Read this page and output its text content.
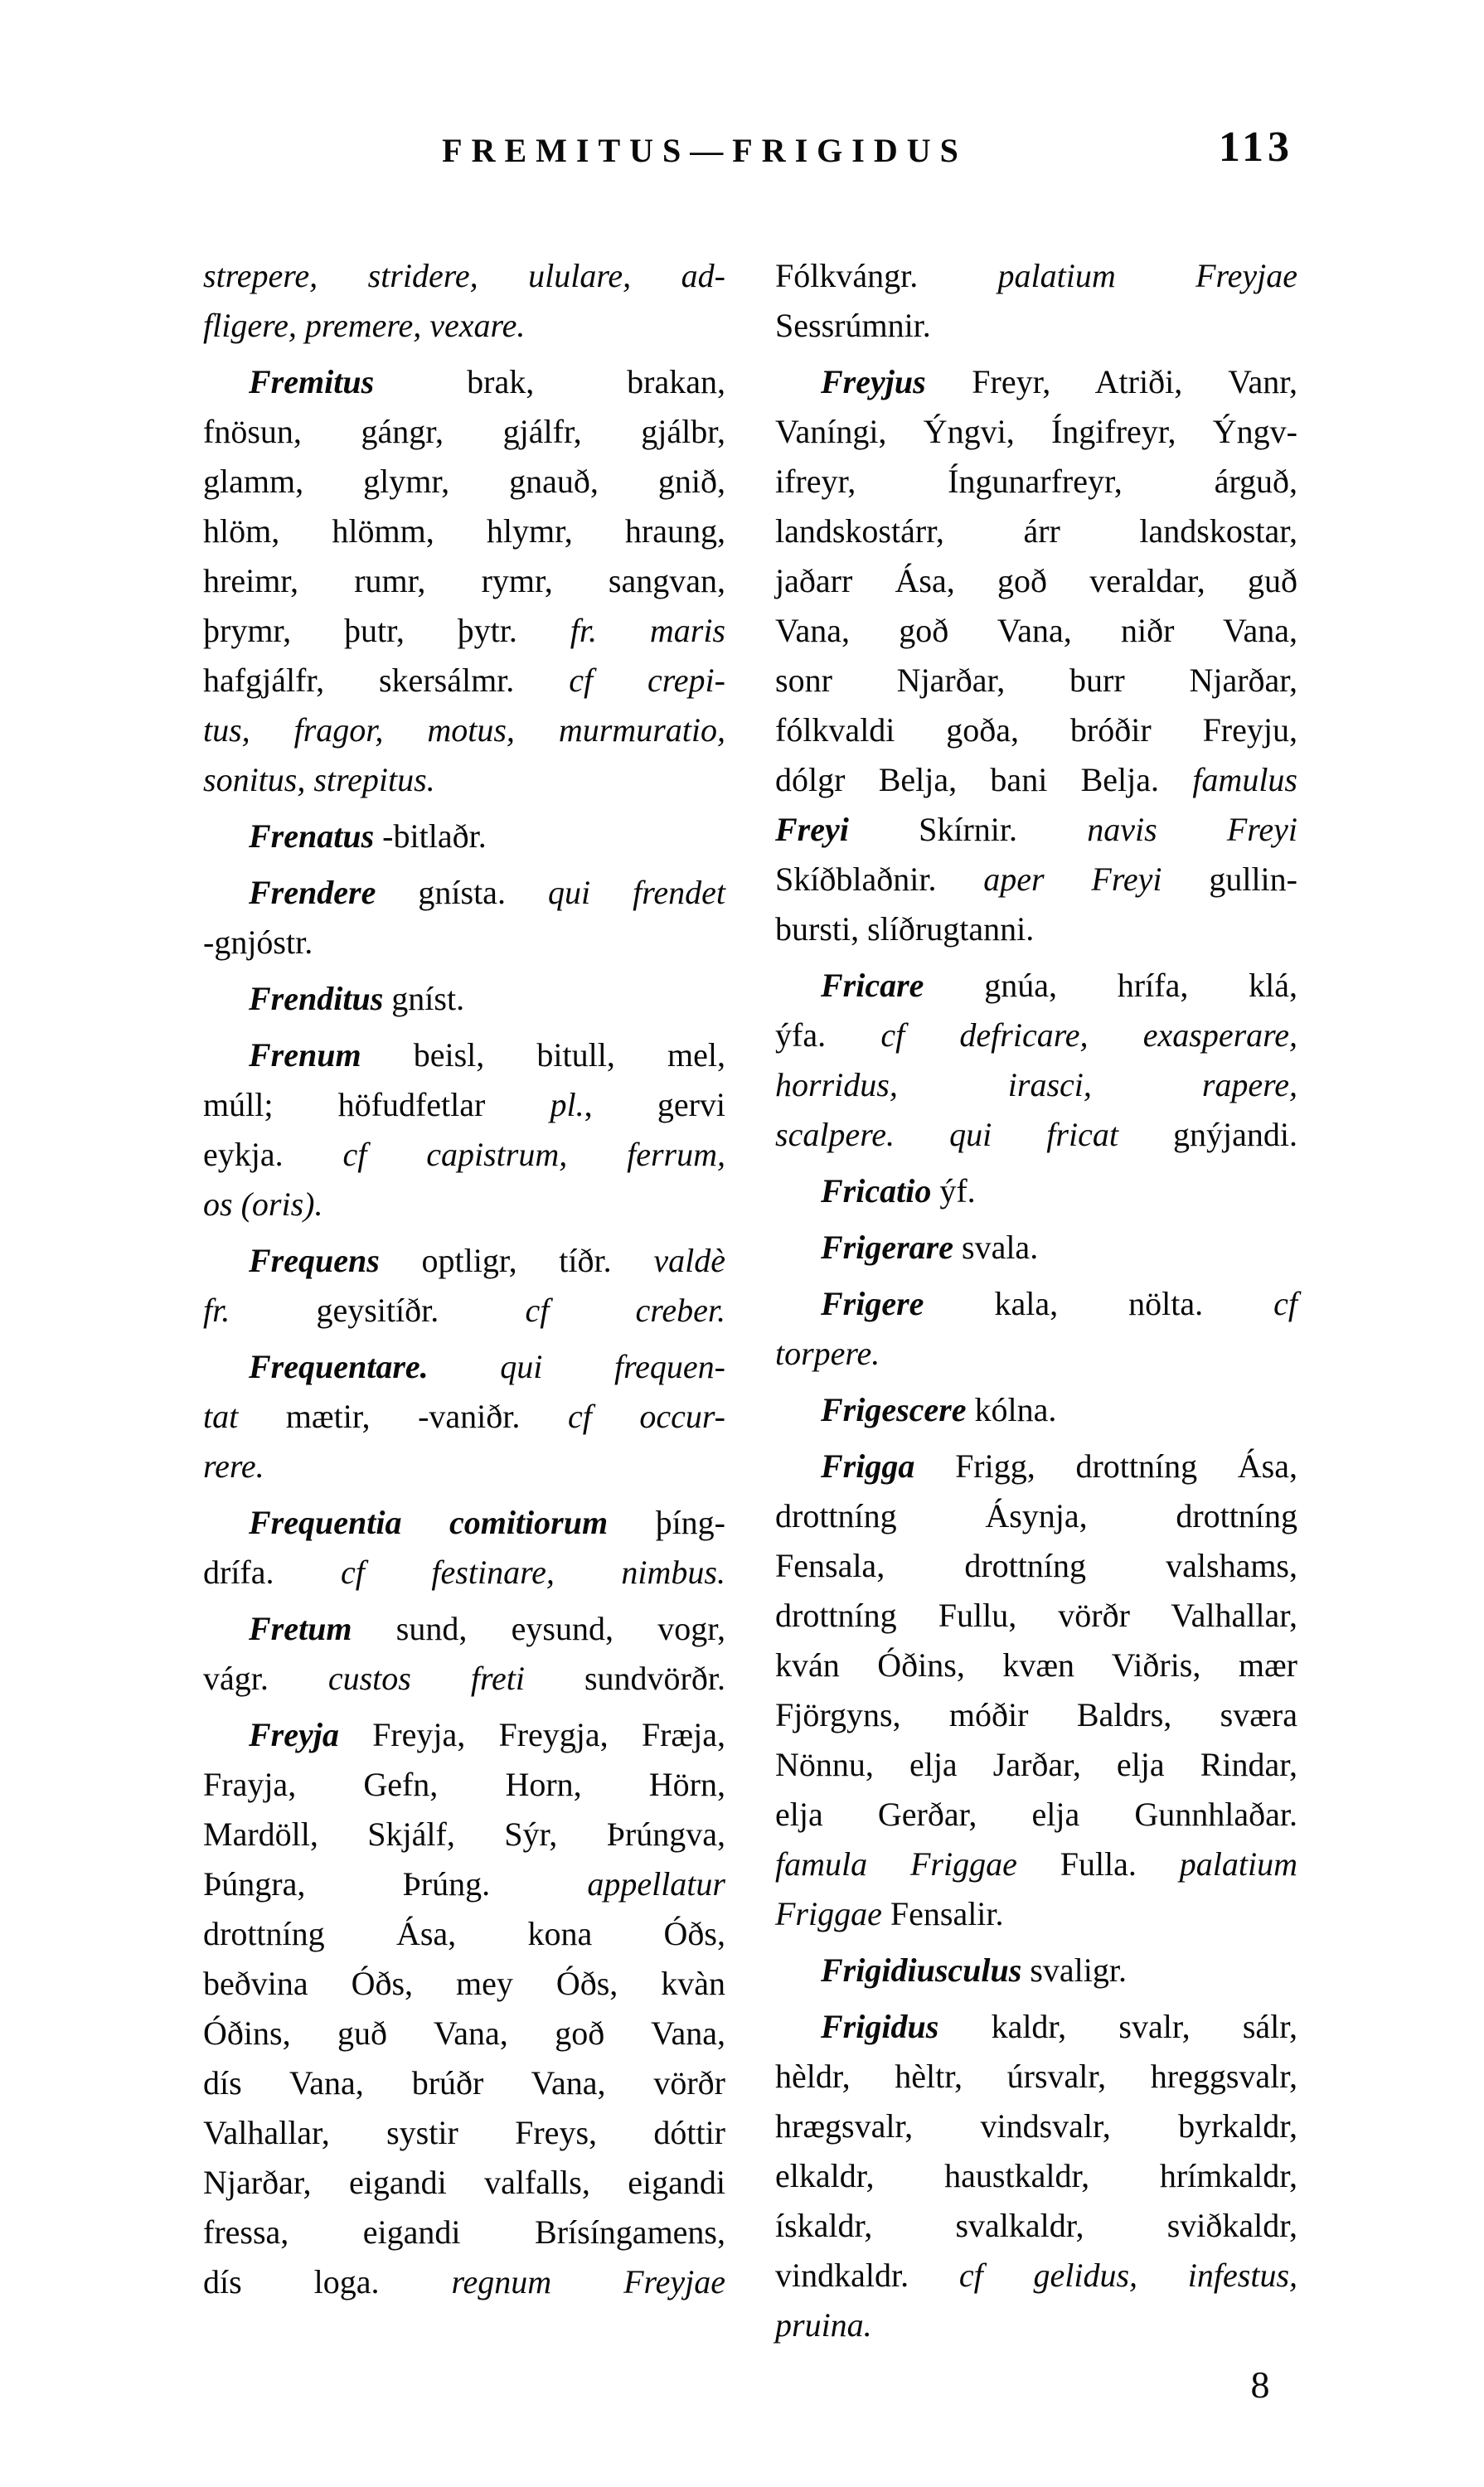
FREMITUS—FRIGIDUS	113
strepere, stridere, ululare, ad-
fligere, premere, vexare.
Fremitus brak, brakan,
fnösun, gángr, gjálfr, gjálbr,
glamm, glymr, gnauð, gnið,
hlöm, hlömm, hlymr, hraung,
hreimr, rumr, rymr, sangvan,
þrymr, þutr, þytr. fr. maris
hafgjálfr, skersálmr. cf crepi-
tus, fragor, motus, murmuratio,
sonitus, strepitus.
Frenatus -bitlaðr.
Frendere gnísta. qui frendet
-gnjóstr.
Frenditus gníst.
Frenum beisl, bitull, mel,
múll; höfudfetlar pl., gervi
eykja. cf capistrum, ferrum,
os (oris).
Frequens optligr, tíðr. valdè
fr. geysitíðr. cf creber.
Frequentare. qui frequen-
tat mætir, -vaniðr. cf occur-
rere.
Frequentia comitiorum þíng-
drífa. cf festinare, nimbus.
Fretum sund, eysund, vogr,
vágr. custos freti sundvörðr.
Freyja Freyja, Freygja, Fræja,
Frayja, Gefn, Horn, Hörn,
Mardöll, Skjálf, Sýr, Þrúngva,
Þúngra, Þrúng. appellatur
drottníng Ása, kona Óðs,
beðvina Óðs, mey Óðs, kvàn
Óðins, guð Vana, goð Vana,
dís Vana, brúðr Vana, vörðr
Valhallar, systir Freys, dóttir
Njarðar, eigandi valfalls, eigandi
fressa, eigandi Brísíngamens,
dís loga. regnum Freyjae
Fólkvángr. palatium Freyjae
Sessrúmnir.
Freyjus Freyr, Atriði, Vanr,
Vaníngi, Ýngvi, Íngifreyr, Ýngv-
ifreyr, Íngunarfreyr, árguð,
landskostárr, árr landskostar,
jaðarr Ása, goð veraldar, guð
Vana, goð Vana, niðr Vana,
sonr Njarðar, burr Njarðar,
fólkvaldi goða, bróðir Freyju,
dólgr Belja, bani Belja. famulus
Freyi Skírnir. navis Freyi
Skíðblaðnir. aper Freyi gullin-
bursti, slíðrugtanni.
Fricare gnúa, hrífa, klá,
ýfa. cf defricare, exasperare,
horridus, irasci, rapere,
scalpere. qui fricat gnýjandi.
Fricatio ýf.
Frigerare svala.
Frigere kala, nölta. cf
torpere.
Frigescere kólna.
Frigga Frigg, drottníng Ása,
drottníng Ásynja, drottníng
Fensala, drottníng valshams,
drottníng Fullu, vörðr Valhallar,
kván Óðins, kvæn Viðris, mær
Fjörgyns, móðir Baldrs, sværa
Nönnu, elja Jarðar, elja Rindar,
elja Gerðar, elja Gunnhlaðar.
famula Friggae Fulla. palatium
Friggae Fensalir.
Frigidiusculus svaligr.
Frigidus kaldr, svalr, sálr,
hèldr, hèltr, úrsvalr, hreggsvalr,
hrægsvalr, vindsvalr, byrkaldr,
elkaldr, haustkaldr, hrímkaldr,
ískaldr, svalkaldr, sviðkaldr,
vindkaldr. cf gelidus, infestus,
pruina.
8
